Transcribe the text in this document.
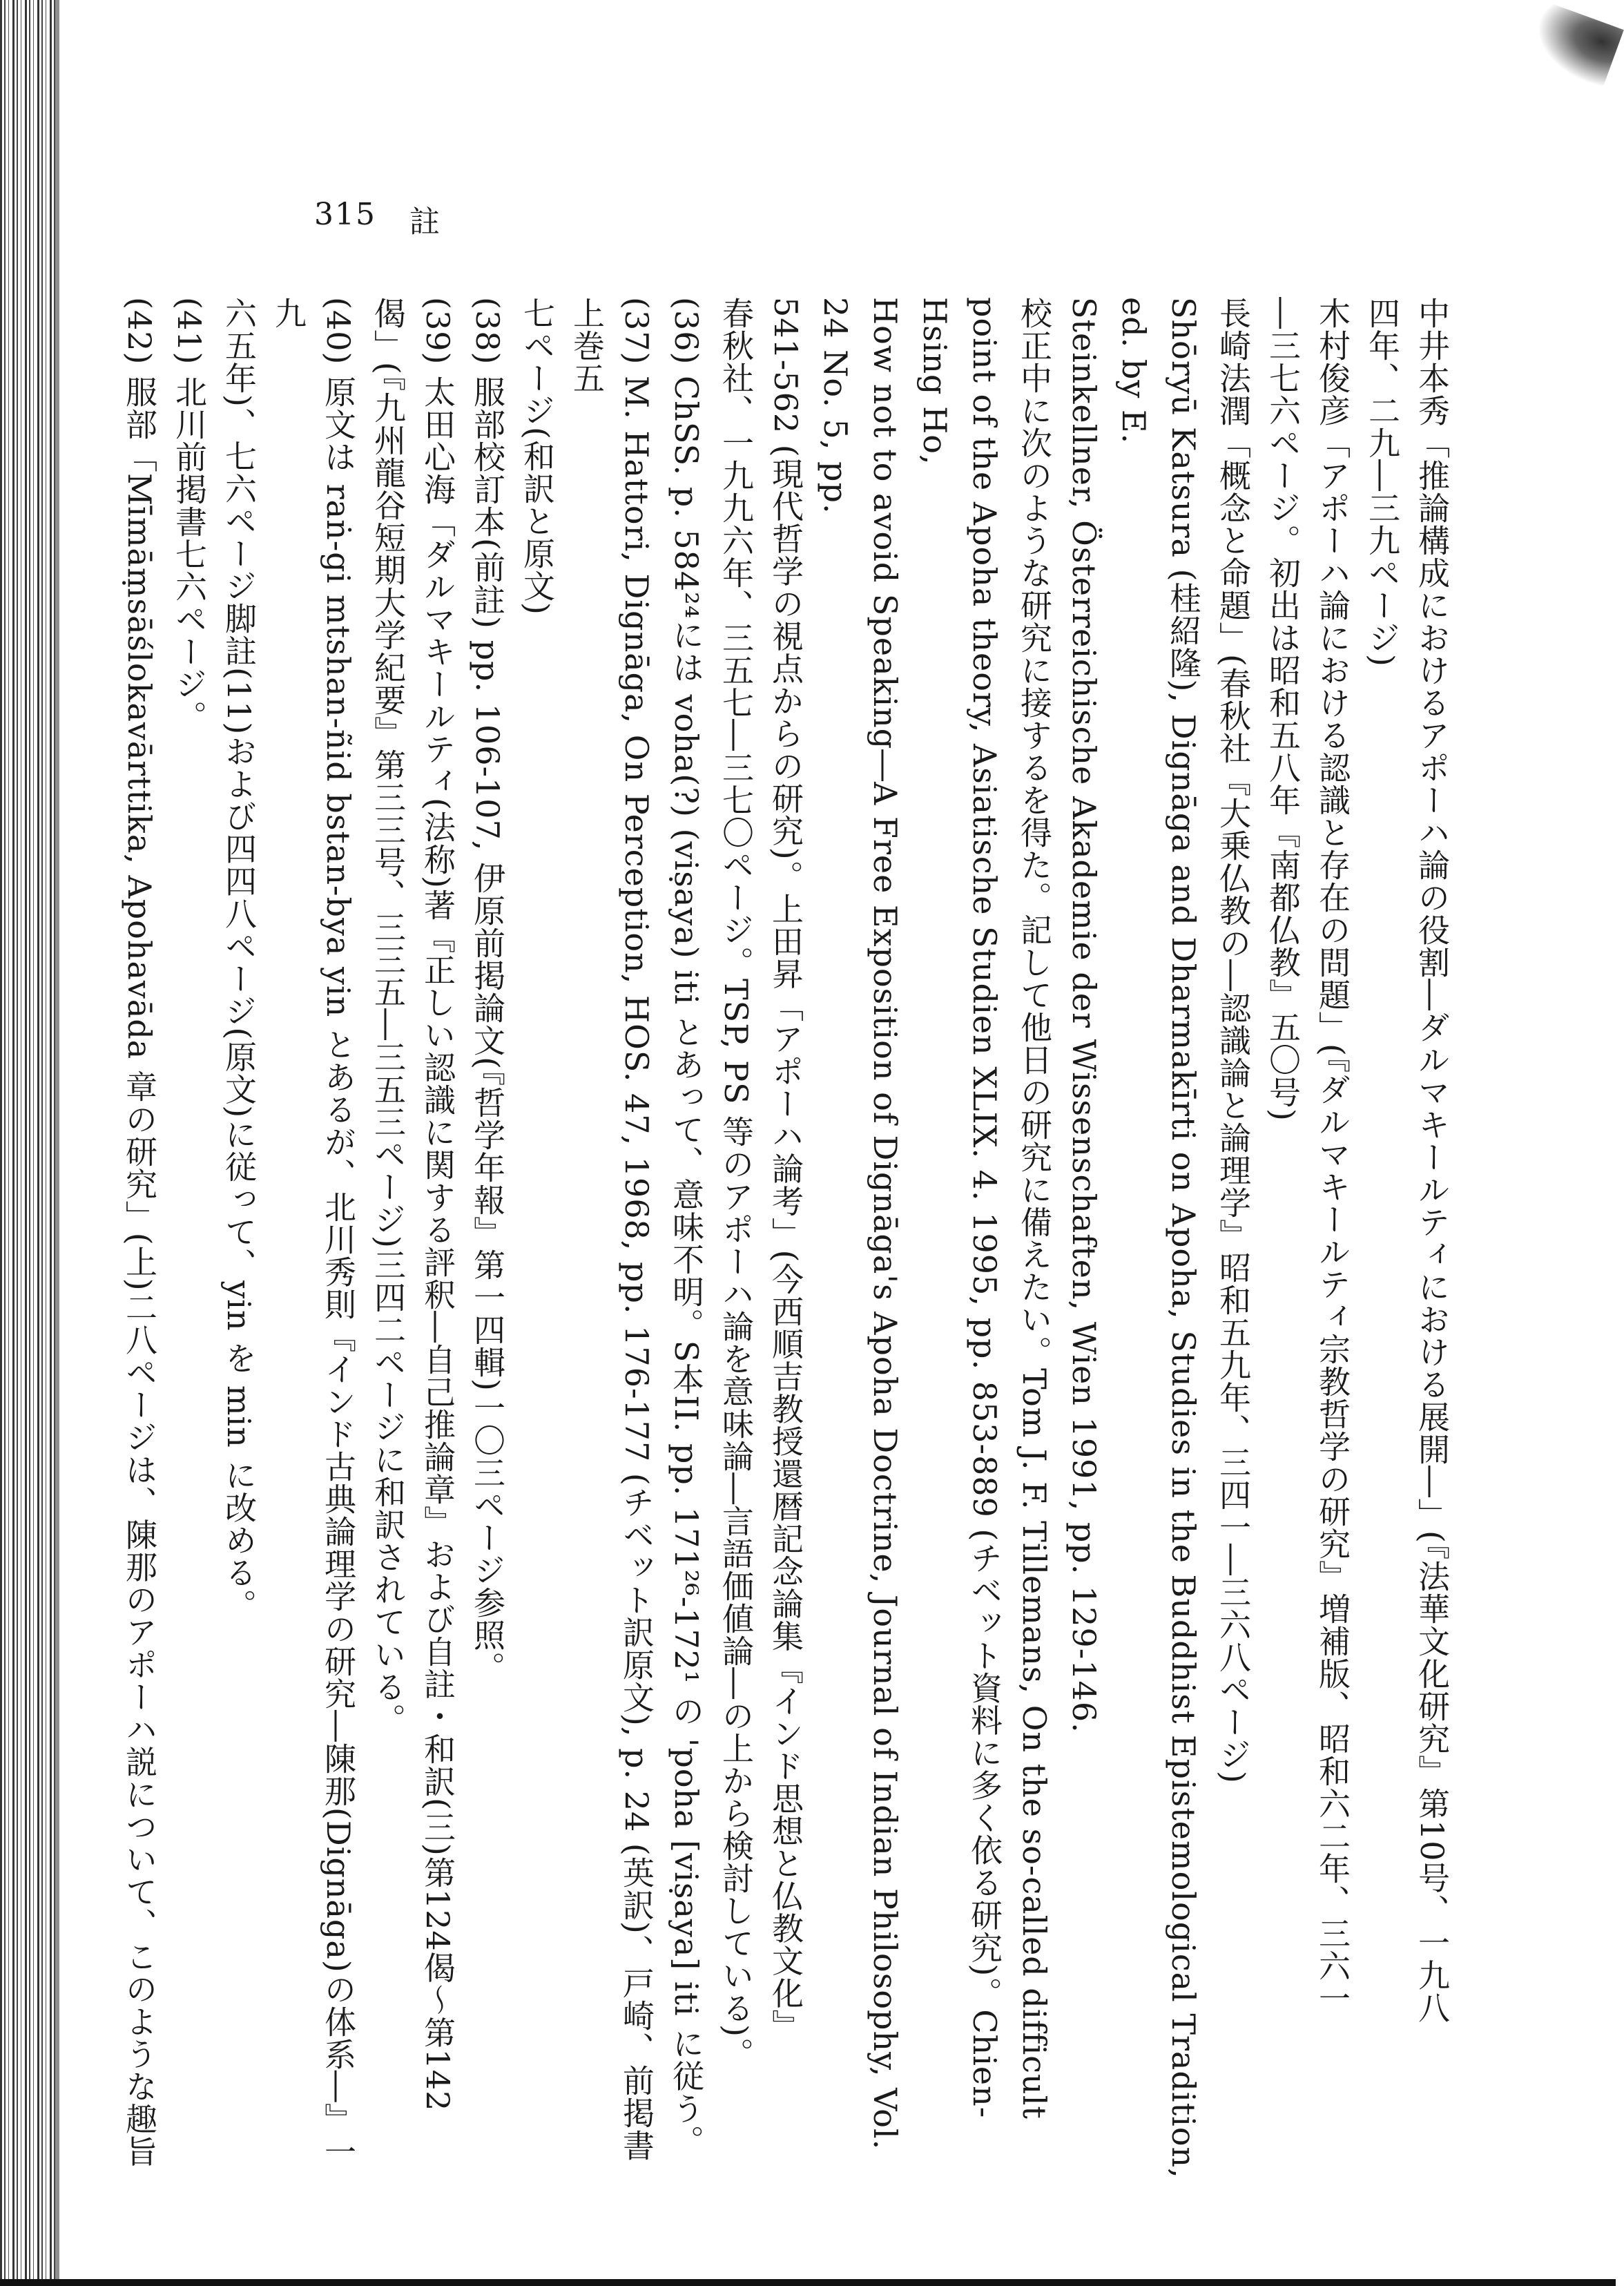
315 註

中井本秀「推論構成におけるアポーハ論の役割―ダルマキールティにおける展開―」(『法華文化研究』第10号、一九八

四年、二九―三九ページ)

木村俊彦「アポーハ論における認識と存在の問題」(『ダルマキールティ宗教哲学の研究』増補版、昭和六二年、三六一

―三七六ページ。初出は昭和五八年『南都仏教』五〇号)

長崎法潤「概念と命題」(春秋社『大乗仏教の―認識論と論理学』昭和五九年、三四一―三六八ページ)

Shōryū Katsura (桂紹隆), Dignāga and Dharmakīrti on Apoha, Studies in the Buddhist Epistemological Tradition, ed. by E.

Steinkellner, Österreichische Akademie der Wissenschaften, Wien 1991, pp. 129-146.

校正中に次のような研究に接するを得た。記して他日の研究に備えたい。Tom J. F. Tillemans, On the so-called difficult

point of the Apoha theory, Asiatische Studien XLIX. 4. 1995, pp. 853-889 (チベット資料に多く依る研究)。Chien-Hsing Ho,

How not to avoid Speaking―A Free Exposition of Dignāga's Apoha Doctrine, Journal of Indian Philosophy, Vol. 24 No. 5, pp.

541-562 (現代哲学の視点からの研究)。上田昇「アポーハ論考」(今西順吉教授還暦記念論集『インド思想と仏教文化』

春秋社、一九九六年、三五七―三七〇ページ。TSP, PS 等のアポーハ論を意味論―言語価値論―の上から検討している)。

(36) ChSS. p. 584²⁴には voha(?) (viṣaya) iti とあって、意味不明。S本II. pp. 171²⁶-172¹ の 'poha [viṣaya] iti に従う。

(37) M. Hattori, Dignāga, On Perception, HOS. 47, 1968, pp. 176-177 (チベット訳原文), p. 24 (英訳)、戸崎、前掲書上巻五

七ページ(和訳と原文)

(38) 服部校訂本(前註) pp. 106-107, 伊原前掲論文(『哲学年報』第一四輯)一〇三ページ参照。

(39) 太田心海「ダルマキールティ(法称)著『正しい認識に関する評釈―自己推論章』および自註・和訳(三)第124偈〜第142

偈」(『九州龍谷短期大学紀要』第三三号、三三五―三五三ページ)三四二ページに和訳されている。

(40) 原文は raṅ-gi mtshan-ñid bstan-bya yin とあるが、北川秀則『インド古典論理学の研究―陳那(Dignāga)の体系―』一九

六五年)、七六ページ脚註(11)および四四八ページ(原文)に従って、yin を min に改める。

(41) 北川前掲書七六ページ。

(42) 服部「Mīmāṃsāślokavārttika, Apohavāda 章の研究」(上)二八ページは、陳那のアポーハ説について、このような趣旨
